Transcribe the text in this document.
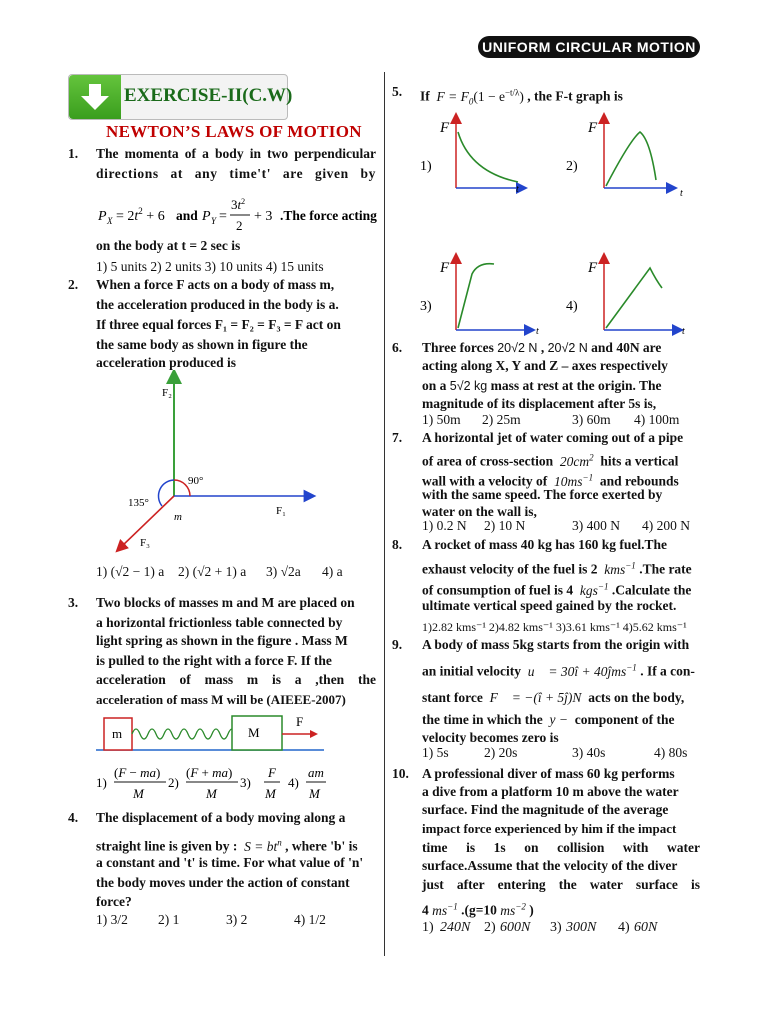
UNIFORM CIRCULAR MOTION
EXERCISE-II(C.W)
NEWTON’S LAWS OF MOTION
1. The momenta of a body in two perpendicular
directions at any time't' are given by
P $X = 2t^2 + 6$ and P Y =
$3t^2$
2
+ 3 .The force acting
on the body at t = 2 sec is
1) 5 units 2) 2 units 3) 10 units 4) 15 units
2. When a force F acts on a body of mass m,
the acceleration produced in the body is a.
If three equal forces F₁ = F₂ = F₃ = F act on
the same body as shown in figure the
acceleration produced is
F₂
F₁
F₃
90°
135°
m
1) (√2 − 1) a 2) (√2 + 1) a 3) √2a 4) a
3. Two blocks of masses m and M are placed on
a horizontal frictionless table connected by
light spring as shown in the figure . Mass M
is pulled to the right with a force F. If the
acceleration of mass m is a ,then the
acceleration of mass M will be (AIEEE-2007)
m	M
F
1)
(F − ma)
M
2)
(F + ma)
M
3)
F
M
4)
am
M
4. The displacement of a body moving along a
straight line is given by :  $S = bt^n$ , where 'b' is
a constant and 't' is time. For what value of 'n'
the body moves under the action of constant
force?
1) 3/2 2) 1	3) 2	4) 1/2
5. If  $F = F_0(1 - e^{-t/\lambda})$ , the F-t graph is
1)
F
t
2)
F
t
3)
F
t
4)
F
t
6. Three forces 20√2 N , 20√2 N and 40N are
acting along X, Y and Z – axes respectively
on a 5√2 kg mass at rest at the origin. The
magnitude of its displacement after 5s is,
1) 50m 2) 25m	3) 60m 4) 100m
7. A horizontal jet of water coming out of a pipe
of area of cross-section  $20cm^2$ hits a vertical
wall with a velocity of  $10ms^{-1}$ and rebounds
with the same speed. The force exerted by
water on the wall is,
1) 0.2 N 2) 10 N	3) 400 N 4) 200 N
8. A rocket of mass 40 kg has 160 kg fuel.The
exhaust velocity of the fuel is 2  kms$^{-1}$ .The rate
of consumption of fuel is 4  kgs$^{-1}$ .Calculate the
ultimate vertical speed gained by the rocket.
1)2.82 kms⁻¹ 2)4.82 kms⁻¹ 3)3.61 kms⁻¹ 4)5.62 kms⁻¹
9. A body of mass 5kg starts from the origin with
an initial velocity  u⃗ = 30î + 40ĵms$^{-1}$ . If a con-
stant force  F⃗ = −(î + 5ĵ)N  acts on the body,
the time in which the  y −  component of the
velocity becomes zero is
1) 5s	2) 20s	3) 40s	4) 80s
10. A professional diver of mass 60 kg performs
a dive from a platform 10 m above the water
surface. Find the magnitude of the average
impact force experienced by him if the impact
time is 1s on collision with water
surface.Assume that the velocity of the diver
just after entering the water surface is
4 $ms^{-1}$ .(g=10 $ms^{-2}$ )
1) 240N 2) 600N 3) 300N 4) 60N
